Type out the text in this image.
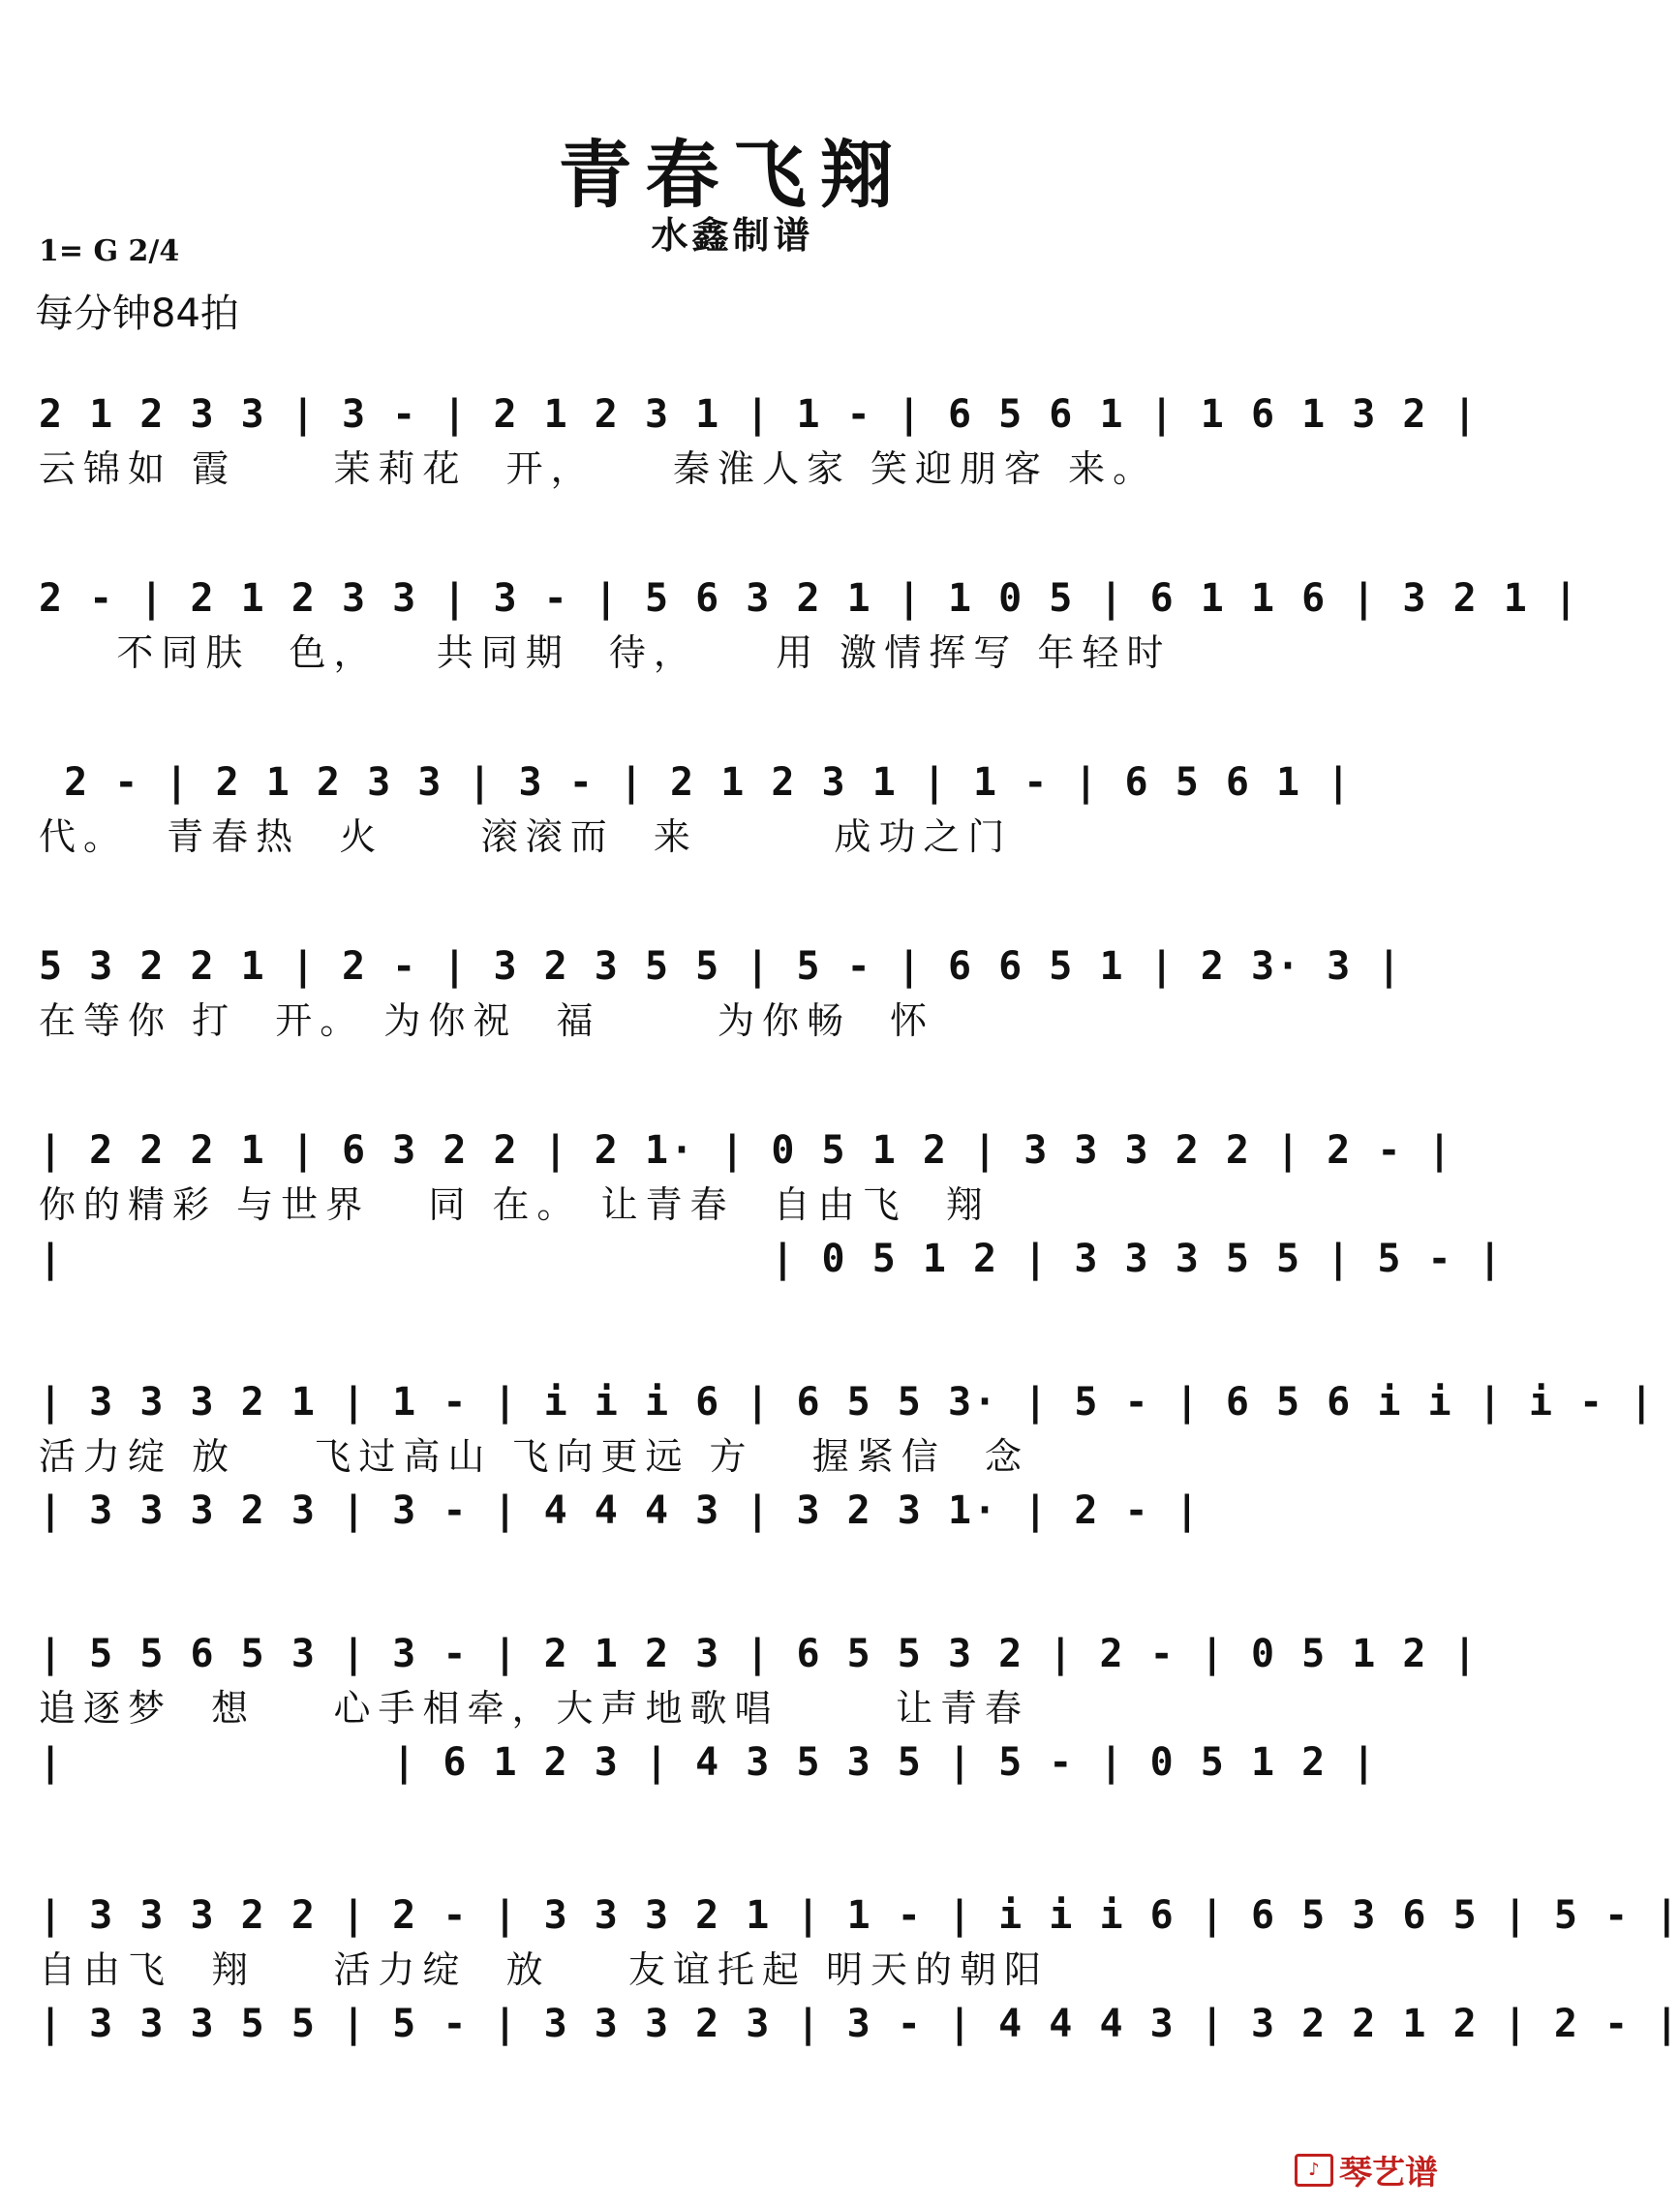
青春飞翔
水鑫制谱
1= G 2/4
每分钟84拍
2 1 2 3 3 | 3 - | 2 1 2 3 1 | 1 - | 6 5 6 1 | 1 6 1 3 2 |
云锦如 霞     茉莉花  开，    秦淮人家 笑迎朋客 来。
2 - | 2 1 2 3 3 | 3 - | 5 6 3 2 1 | 1 0 5 | 6 1 1 6 | 3 2 1 |
不同肤  色，   共同期  待，    用 激情挥写 年轻时
2 - | 2 1 2 3 3 | 3 - | 2 1 2 3 1 | 1 - | 6 5 6 1 |
代。  青春热  火     滚滚而  来       成功之门
5 3 2 2 1 | 2 - | 3 2 3 5 5 | 5 - | 6 6 5 1 | 2 3· 3 |
在等你 打  开。 为你祝  福      为你畅  怀
| 2 2 2 1 | 6 3 2 2 | 2 1· | 0 5 1 2 | 3 3 3 2 2 | 2 - |
你的精彩 与世界   同 在。 让青春  自由飞  翔
|                            | 0 5 1 2 | 3 3 3 5 5 | 5 - |
| 3 3 3 2 1 | 1 - | i i i 6 | 6 5 5 3· | 5 - | 6 5 6 i i | i - |
活力绽 放    飞过高山 飞向更远 方   握紧信  念
| 3 3 3 2 3 | 3 - | 4 4 4 3 | 3 2 3 1· | 2 - |
| 5 5 6 5 3 | 3 - | 2 1 2 3 | 6 5 5 3 2 | 2 - | 0 5 1 2 |
追逐梦  想    心手相牵，大声地歌唱      让青春
|             | 6 1 2 3 | 4 3 5 3 5 | 5 - | 0 5 1 2 |
| 3 3 3 2 2 | 2 - | 3 3 3 2 1 | 1 - | i i i 6 | 6 5 3 6 5 | 5 - |
自由飞  翔    活力绽  放    友谊托起 明天的朝阳
| 3 3 3 5 5 | 5 - | 3 3 3 2 3 | 3 - | 4 4 4 3 | 3 2 2 1 2 | 2 - |
♪ 琴艺谱
